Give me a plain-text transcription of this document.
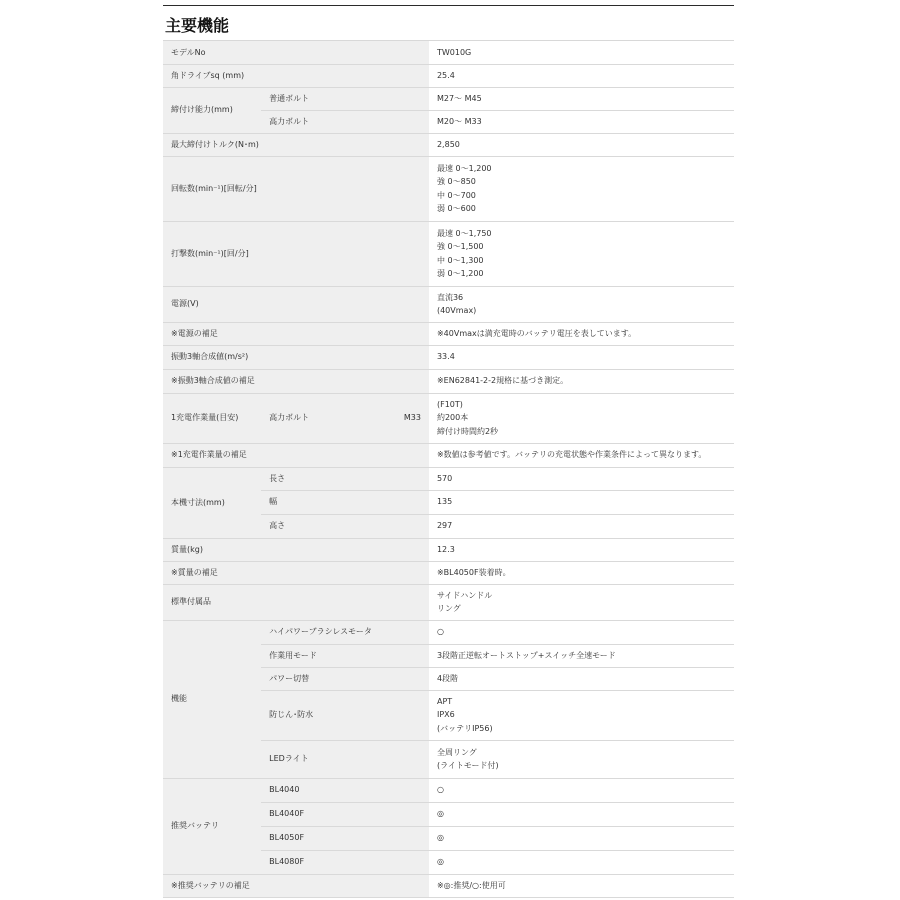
主要機能
モデルNo		TW010G
角ドライブsq (mm)		25.4
締付け能力(mm)	普通ボルト	M27～ M45
	高力ボルト	M20～ M33
最大締付けトルク(N･m)		2,850
回転数(min⁻¹)[回転/分]		最速 0～1,200
強 0～850
中 0～700
弱 0～600

打撃数(min⁻¹)[回/分]		最速 0～1,750
強 0～1,500
中 0～1,300
弱 0～1,200

電源(V)		直流36
(40Vmax)

※電源の補足		※40Vmaxは満充電時のバッテリ電圧を表しています。
振動3軸合成値(m/s²)		33.4
※振動3軸合成値の補足		※EN62841-2-2規格に基づき測定。
1充電作業量(目安)	高力ボルト M33	(F10T)
約200本
締付け時間約2秒

※1充電作業量の補足		※数値は参考値です。バッテリの充電状態や作業条件によって異なります。
本機寸法(mm)	長さ	570
	幅	135
	高さ	297
質量(kg)		12.3
※質量の補足		※BL4050F装着時。
標準付属品		サイドハンドル
リング

機能	ハイパワーブラシレスモータ	○
	作業用モード	3段階正逆転オートストップ+スイッチ全速モード
	パワー切替	4段階
	防じん･防水	APT
IPX6
(バッテリIP56)

	LEDライト	全周リング
(ライトモード付)

推奨バッテリ	BL4040	○
	BL4040F	◎
	BL4050F	◎
	BL4080F	◎
※推奨バッテリの補足		※◎:推奨/○:使用可
